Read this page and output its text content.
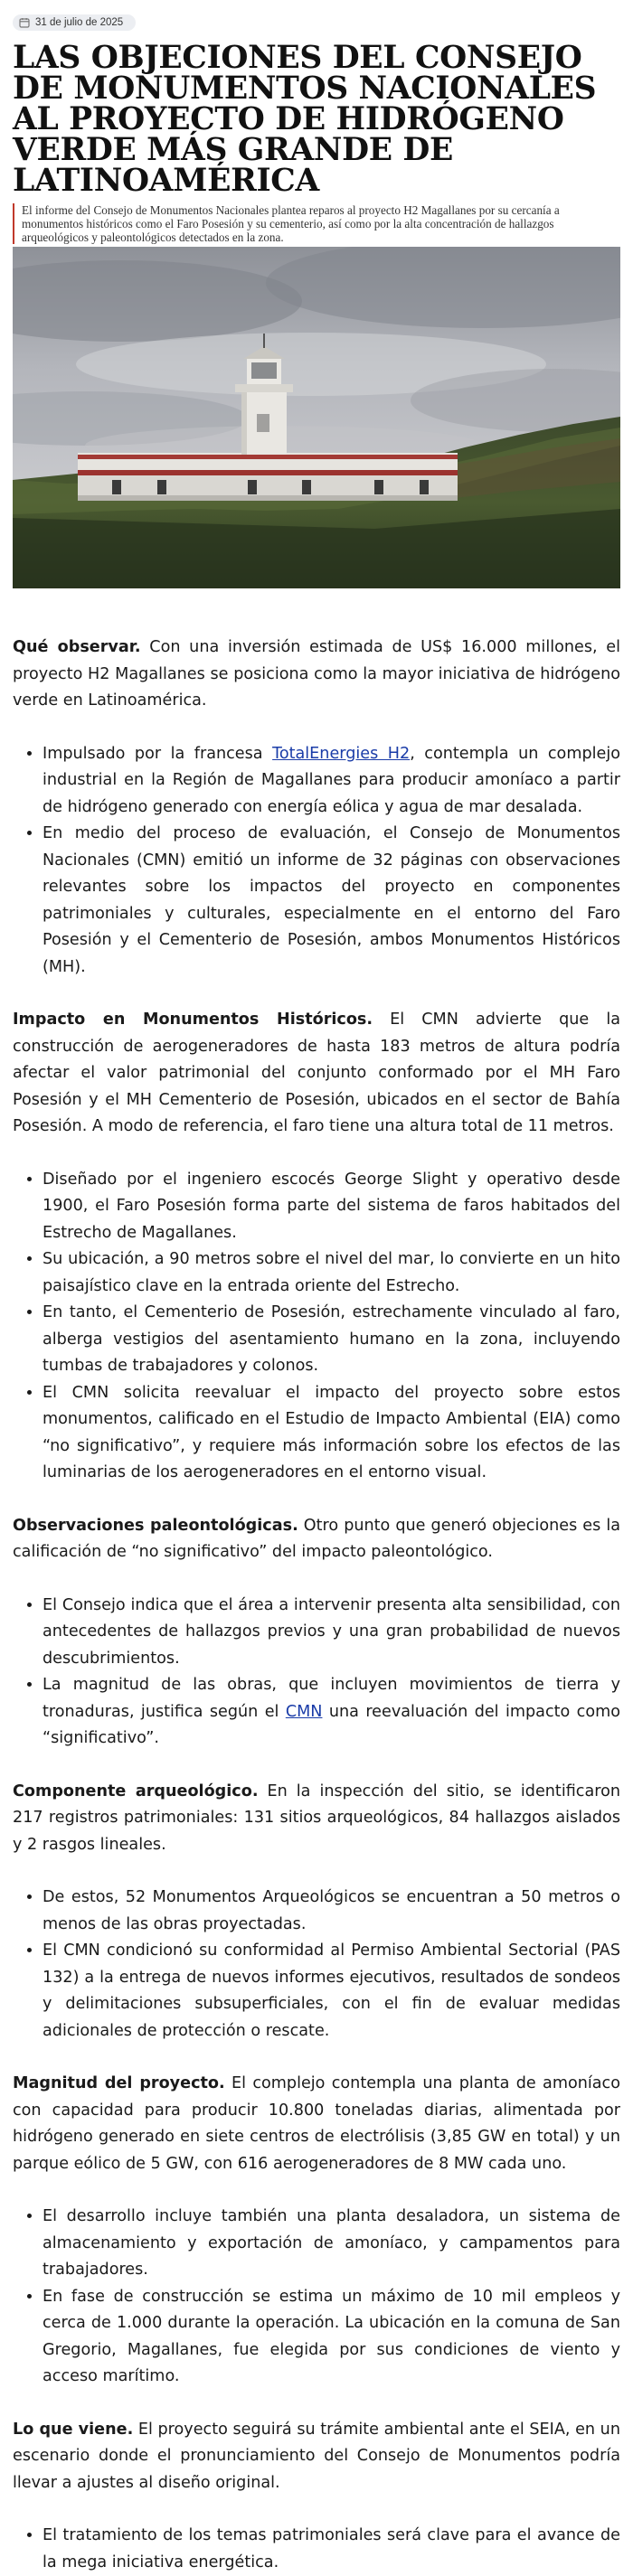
31 de julio de 2025
LAS OBJECIONES DEL CONSEJO DE MONUMENTOS NACIONALES AL PROYECTO DE HIDRÓGENO VERDE MÁS GRANDE DE LATINOAMÉRICA
El informe del Consejo de Monumentos Nacionales plantea reparos al proyecto H2 Magallanes por su cercanía a monumentos históricos como el Faro Posesión y su cementerio, así como por la alta concentración de hallazgos arqueológicos y paleontológicos detectados en la zona.

Qué observar. Con una inversión estimada de US$ 16.000 millones, el proyecto H2 Magallanes se posiciona como la mayor iniciativa de hidrógeno verde en Latinoamérica.

• Impulsado por la francesa TotalEnergies H2, contempla un complejo industrial en la Región de Magallanes para producir amoníaco a partir de hidrógeno generado con energía eólica y agua de mar desalada.
• En medio del proceso de evaluación, el Consejo de Monumentos Nacionales (CMN) emitió un informe de 32 páginas con observaciones relevantes sobre los impactos del proyecto en componentes patrimoniales y culturales, especialmente en el entorno del Faro Posesión y el Cementerio de Posesión, ambos Monumentos Históricos (MH).

Impacto en Monumentos Históricos. El CMN advierte que la construcción de aerogeneradores de hasta 183 metros de altura podría afectar el valor patrimonial del conjunto conformado por el MH Faro Posesión y el MH Cementerio de Posesión, ubicados en el sector de Bahía Posesión. A modo de referencia, el faro tiene una altura total de 11 metros.

• Diseñado por el ingeniero escocés George Slight y operativo desde 1900, el Faro Posesión forma parte del sistema de faros habitados del Estrecho de Magallanes.
• Su ubicación, a 90 metros sobre el nivel del mar, lo convierte en un hito paisajístico clave en la entrada oriente del Estrecho.
• En tanto, el Cementerio de Posesión, estrechamente vinculado al faro, alberga vestigios del asentamiento humano en la zona, incluyendo tumbas de trabajadores y colonos.
• El CMN solicita reevaluar el impacto del proyecto sobre estos monumentos, calificado en el Estudio de Impacto Ambiental (EIA) como “no significativo”, y requiere más información sobre los efectos de las luminarias de los aerogeneradores en el entorno visual.

Observaciones paleontológicas. Otro punto que generó objeciones es la calificación de “no significativo” del impacto paleontológico.

• El Consejo indica que el área a intervenir presenta alta sensibilidad, con antecedentes de hallazgos previos y una gran probabilidad de nuevos descubrimientos.
• La magnitud de las obras, que incluyen movimientos de tierra y tronaduras, justifica según el CMN una reevaluación del impacto como “significativo”.

Componente arqueológico. En la inspección del sitio, se identificaron 217 registros patrimoniales: 131 sitios arqueológicos, 84 hallazgos aislados y 2 rasgos lineales.

• De estos, 52 Monumentos Arqueológicos se encuentran a 50 metros o menos de las obras proyectadas.
• El CMN condicionó su conformidad al Permiso Ambiental Sectorial (PAS 132) a la entrega de nuevos informes ejecutivos, resultados de sondeos y delimitaciones subsuperficiales, con el fin de evaluar medidas adicionales de protección o rescate.

Magnitud del proyecto. El complejo contempla una planta de amoníaco con capacidad para producir 10.800 toneladas diarias, alimentada por hidrógeno generado en siete centros de electrólisis (3,85 GW en total) y un parque eólico de 5 GW, con 616 aerogeneradores de 8 MW cada uno.

• El desarrollo incluye también una planta desaladora, un sistema de almacenamiento y exportación de amoníaco, y campamentos para trabajadores.
• En fase de construcción se estima un máximo de 10 mil empleos y cerca de 1.000 durante la operación. La ubicación en la comuna de San Gregorio, Magallanes, fue elegida por sus condiciones de viento y acceso marítimo.

Lo que viene. El proyecto seguirá su trámite ambiental ante el SEIA, en un escenario donde el pronunciamiento del Consejo de Monumentos podría llevar a ajustes al diseño original.

• El tratamiento de los temas patrimoniales será clave para el avance de la mega iniciativa energética.
